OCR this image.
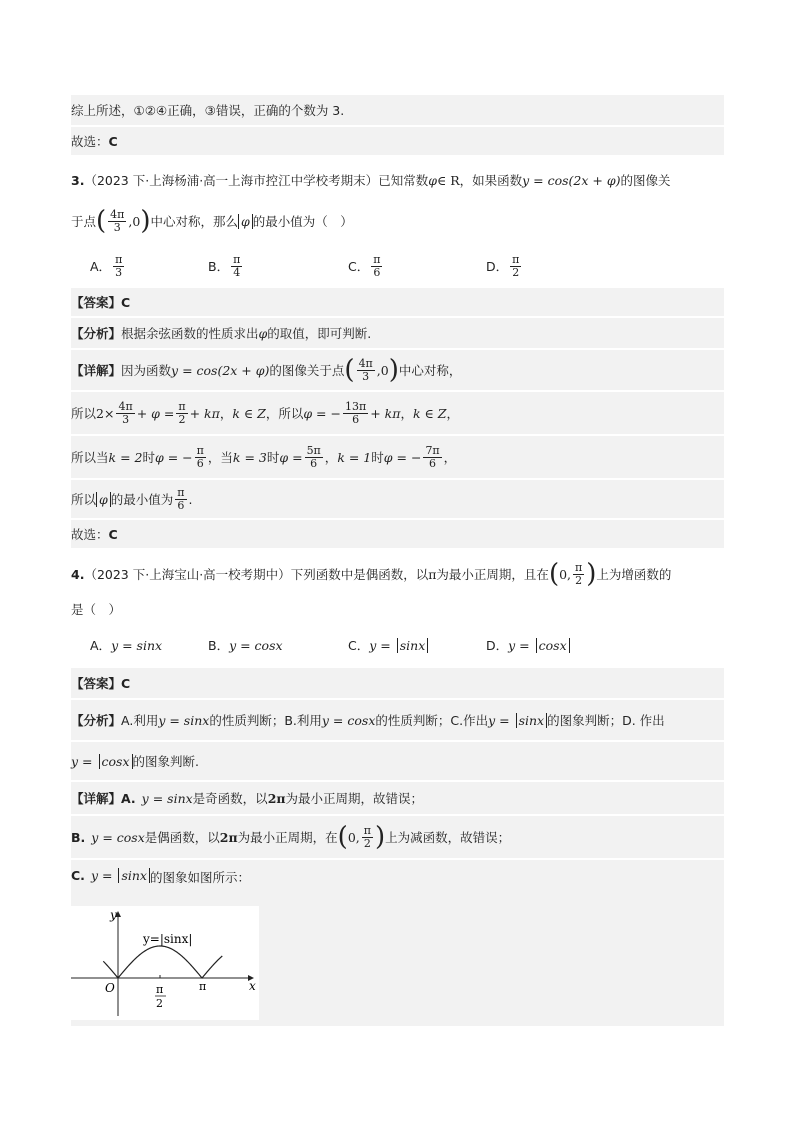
综上所述，①②④正确，③错误，正确的个数为 3.
故选： C
3 . （2023 下·上海杨浦·高一上海市控江中学校考期末） 已知常数 φ ∈ R ，如果函数 y = cos(2x + φ) 的图像关
于点 ( $\frac{4\pi}{3} ,0$ ) 中心对称，那么 φ 的最小值为（　）
A． $\frac{\pi}{3}$	B． $\frac{\pi}{4}$	C． $\frac{\pi}{6}$	D． $\frac{\pi}{2}$
【答案】 C
【分析】 根据余弦函数的性质求出 φ 的取值，即可判断.
【详解】 因为函数 y = cos(2x + φ) 的图像关于点 ( $\frac{4\pi}{3} ,0$ ) 中心对称，
所以 $2\times \frac{4\pi}{3} + \varphi = \frac{\pi}{2} + k\pi$ ， k ∈ Z ，所以 φ = − $\frac{13\pi}{6} + k\pi$ ， k ∈ Z ，
所以当 k = 2 时 φ = − $\frac{\pi}{6}$ ，当 k = 3 时 $\varphi = \frac{5\pi}{6}$ ， k = 1 时 φ = − $\frac{7\pi}{6}$ ，
所以 φ 的最小值为 $\frac{\pi}{6}$ .
故选： C
4 . （2023 下·上海宝山·高一校考期中） 下列函数中是偶函数，以 π 为最小正周期，且在 ( 0, $\frac{\pi}{2}$ ) 上为增函数的
是（　）
A． y = sinx	B． y = cosx	C． y = sinx	D． y = cosx
【答案】 C
【分析】 A.利用 y = sinx 的性质判断；B.利用 y = cosx 的性质判断；C.作出 y = sinx 的图象判断；D. 作出
y = cosx 的图象判断.
【详解】 A. y = sinx 是奇函数，以 2π 为最小正周期，故错误；
B. y = cosx 是偶函数，以 2π 为最小正周期，在 ( 0, $\frac{\pi}{2}$ ) 上为减函数，故错误；
C. y = sinx 的图象如图所示：
y
x
O
y=|sinx|
π
2
π
